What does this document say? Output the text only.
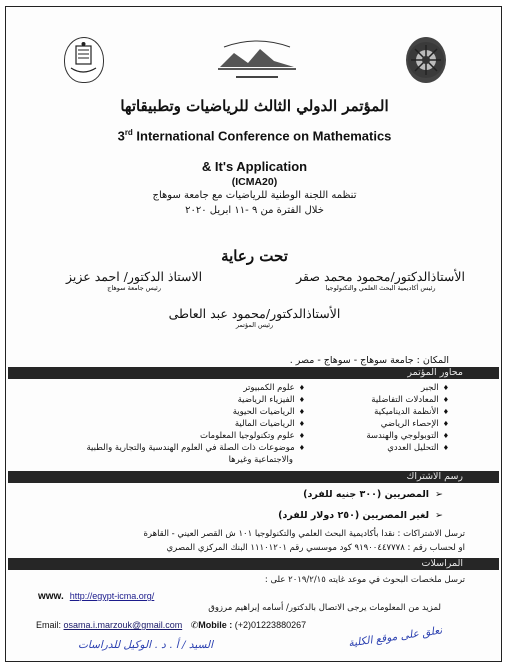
المؤتمر الدولي الثالث للرياضيات وتطبيقاتها
3rd International Conference on Mathematics
& It's Application
(ICMA20)
تنظمه اللجنة الوطنية للرياضيات مع جامعة سوهاج
خلال الفترة من ٩ -١١ ابريل ٢٠٢٠
تحت رعاية
الأستاذالدكتور/محمود محمد صقر
رئيس أكاديمية البحث العلمي والتكنولوجيا
الاستاذ الدكتور/ احمد عزيز
رئيس جامعة سوهاج
الأستاذالدكتور/محمود عبد العاطى
رئيس المؤتمر
المكان : جامعة سوهاج - سوهاج - مصر .
محاور المؤتمر
♦ الجبر
♦ المعادلات التفاضلية
♦ الأنظمة الديناميكية
♦ الإحصاء الرياضي
♦ التوبولوجي والهندسة
♦ التحليل العددي
♦ علوم الكمبيوتر
♦ الفيزياء الرياضية
♦ الرياضيات الحيوية
♦ الرياضيات المالية
♦ علوم وتكنولوجيا المعلومات
♦ موضوعات ذات الصلة في العلوم الهندسية والتجارية والطبية
والاجتماعية وغيرها
رسم الاشتراك
➢ المصريين (٣٠٠ جنيه للفرد)
➢ لغير المصريين (٢٥٠ دولار للفرد)
ترسل الاشتراكات : نقدا بأكاديمية البحث العلمي والتكنولوجيا ١٠١ ش القصر العيني - القاهرة
او لحساب رقم : ٩١٩٠٠٤٤٧٧٧٨ كود موسسي رقم ١١١٠١٢٠١ البنك المركزي المصري
المراسلات
ترسل ملخصات البحوث في موعد غايته ٢٠١٩/٢/١٥ على :
www. http://egypt-icma.org/
لمزيد من المعلومات يرجى الاتصال بالدكتور/ أسامه إبراهيم مرزوق
Email: osama.i.marzouk@gmail.com ✆Mobile : (+2)01223880267
السيد / أ . د . الوكيل للدراسات	نعلق على موقع الكلية
